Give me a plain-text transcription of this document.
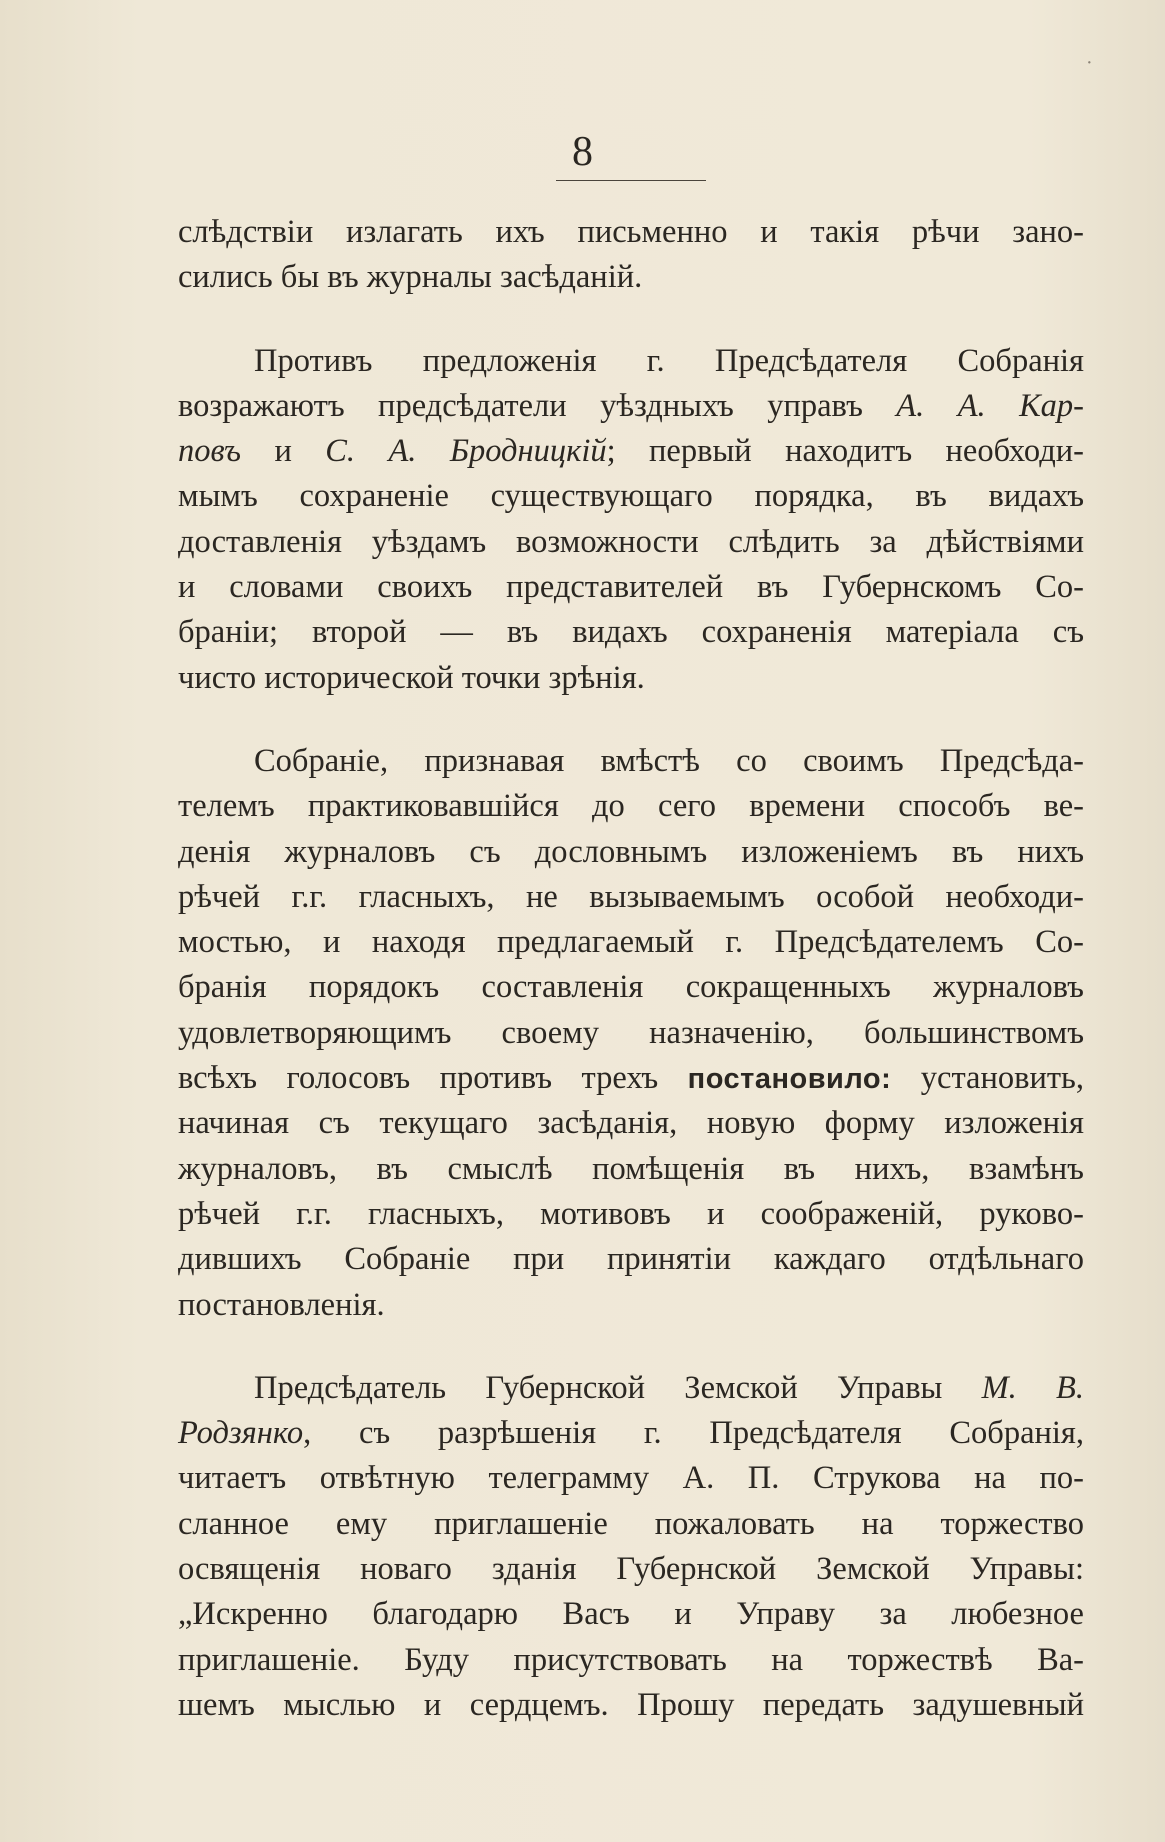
·
8
слѣдствіи излагать ихъ письменно и такія рѣчи зано-
сились бы въ журналы засѣданій.
Противъ предложенія г. Предсѣдателя Собранія
возражаютъ предсѣдатели уѣздныхъ управъ А. А. Кар-
повъ и С. А. Бродницкій; первый находитъ необходи-
мымъ сохраненіе существующаго порядка, въ видахъ
доставленія уѣздамъ возможности слѣдить за дѣйствіями
и словами своихъ представителей въ Губернскомъ Со-
браніи; второй — въ видахъ сохраненія матеріала съ
чисто исторической точки зрѣнія.
Собраніе, признавая вмѣстѣ со своимъ Предсѣда-
телемъ практиковавшійся до сего времени способъ ве-
денія журналовъ съ дословнымъ изложеніемъ въ нихъ
рѣчей г.г. гласныхъ, не вызываемымъ особой необходи-
мостью, и находя предлагаемый г. Предсѣдателемъ Со-
бранія порядокъ составленія сокращенныхъ журналовъ
удовлетворяющимъ своему назначенію, большинствомъ
всѣхъ голосовъ противъ трехъ постановило: установить,
начиная съ текущаго засѣданія, новую форму изложенія
журналовъ, въ смыслѣ помѣщенія въ нихъ, взамѣнъ
рѣчей г.г. гласныхъ, мотивовъ и соображеній, руково-
дившихъ Собраніе при принятіи каждаго отдѣльнаго
постановленія.
Предсѣдатель Губернской Земской Управы М. В.
Родзянко, съ разрѣшенія г. Предсѣдателя Собранія,
читаетъ отвѣтную телеграмму А. П. Струкова на по-
сланное ему приглашеніе пожаловать на торжество
освященія новаго зданія Губернской Земской Управы:
„Искренно благодарю Васъ и Управу за любезное
приглашеніе. Буду присутствовать на торжествѣ Ва-
шемъ мыслью и сердцемъ. Прошу передать задушевный
